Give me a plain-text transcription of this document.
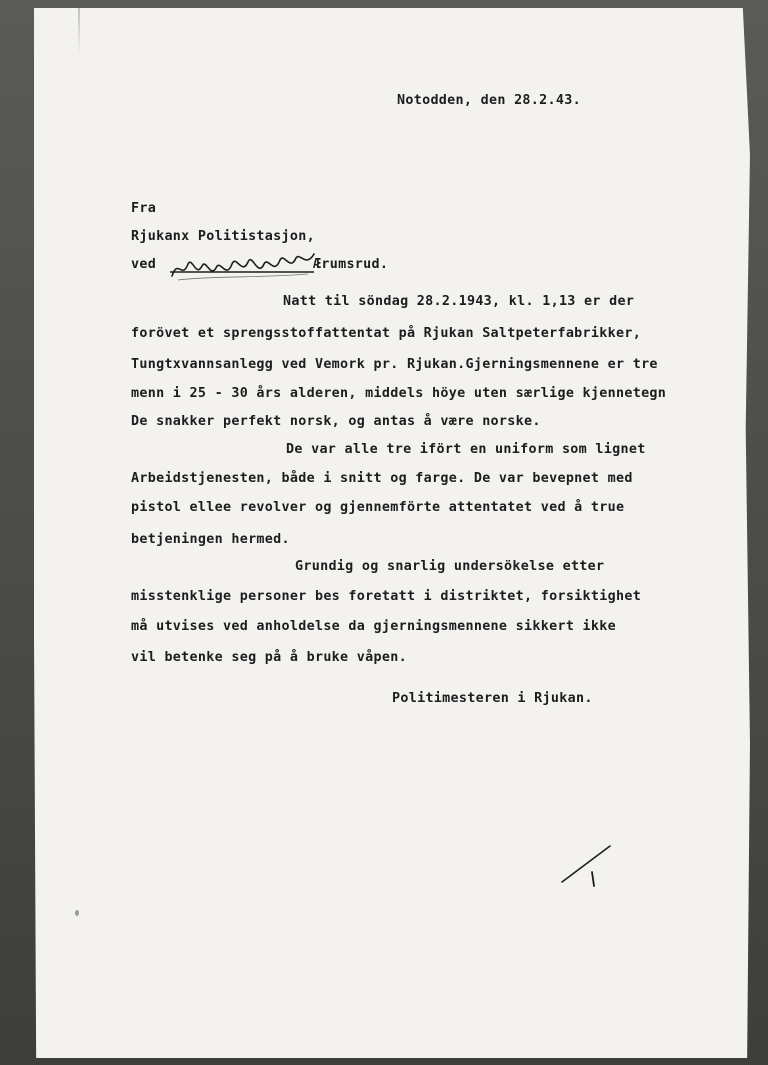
Notodden, den 28.2.43.
Fra
Rjukanx Politistasjon,
ved	Ærumsrud.
Natt til söndag 28.2.1943, kl. 1,13 er der
forövet et sprengsstoffattentat på Rjukan Saltpeterfabrikker,
Tungtxvannsanlegg ved Vemork pr. Rjukan.Gjerningsmennene er tre
menn i 25 - 30 års alderen, middels höye uten særlige kjennetegn
De snakker perfekt norsk, og antas å være norske.
De var alle tre ifört en uniform som lignet
Arbeidstjenesten, både i snitt og farge. De var bevepnet med
pistol ellee revolver og gjennemförte attentatet ved å true
betjeningen hermed.
Grundig og snarlig undersökelse etter
misstenklige personer bes foretatt i distriktet, forsiktighet
må utvises ved anholdelse da gjerningsmennene sikkert ikke
vil betenke seg på å bruke våpen.
Politimesteren i Rjukan.
/
